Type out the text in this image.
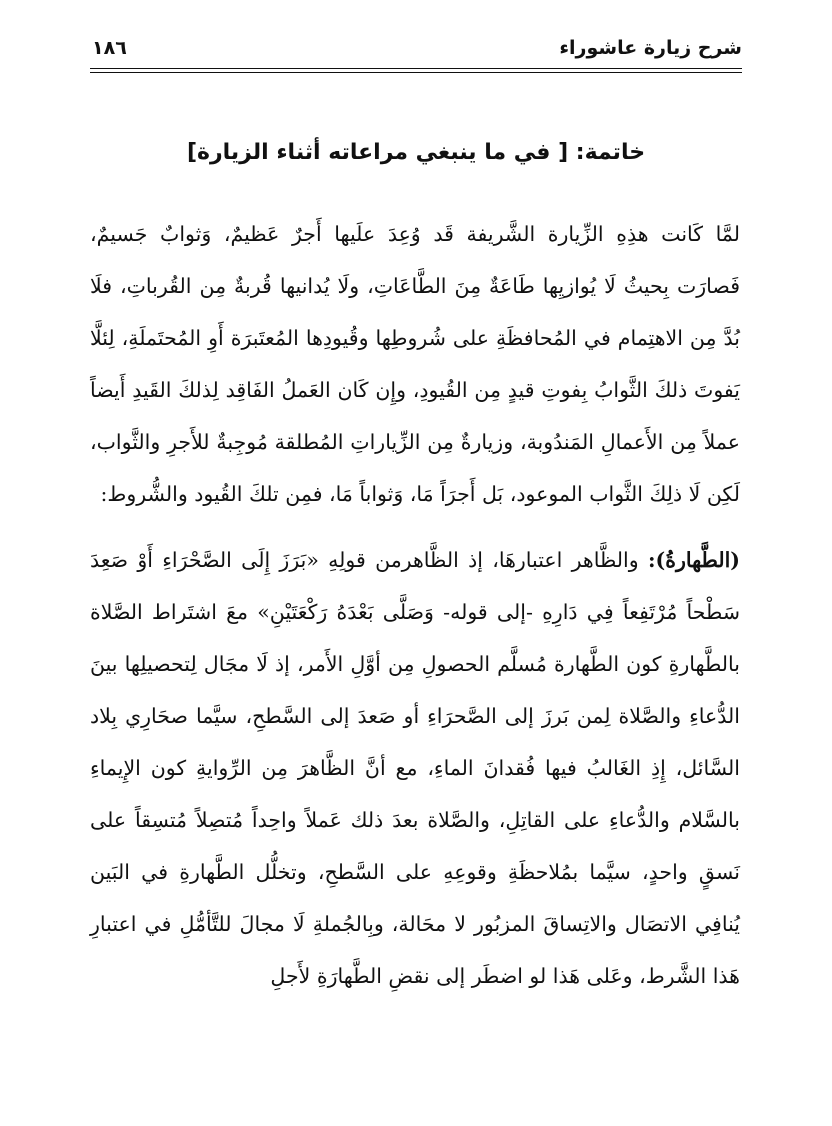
شرح زيارة عاشوراء
١٨٦
خاتمة: [ في ما ينبغي مراعاته أثناء الزيارة]

لمَّا كَانت هذِهِ الزِّيارة الشَّريفة قَد وُعِدَ علَيها أَجرٌ عَظيمٌ، وَثوابٌ جَسيمٌ، فَصارَت بِحيثُ لَا يُوازيِها طَاعَةٌ مِنَ الطَّاعَاتِ، ولَا يُدانيها قُربةٌ مِن القُرباتِ، فلَا بُدَّ مِن الاهتِمام في المُحافظَةِ على شُروطِها وقُيودِها المُعتَبرَة أَوِ المُحتَملَةِ، لِئلَّا يَفوتَ ذلكَ الثَّوابُ بِفوتِ قيدٍ مِن القُيودِ، وإِن كَان العَملُ الفَاقِد لِذلكَ القَيدِ أَيضاً عملاً مِن الأَعمالِ المَندُوبة، وزيارةٌ مِن الزِّياراتِ المُطلقة مُوجِبةٌ للأَجرِ والثَّواب، لَكِن لَا ذلِكَ الثَّواب الموعود، بَل أَجرَاً مَا، وَثواباً مَا، فمِن تلكَ القُيود والشُّروط:

(الطَّهارةُ): والظَّاهر اعتبارهَا، إذ الظَّاهرمن قولِهِ «بَرَزَ إِلَى الصَّحْرَاءِ أَوْ صَعِدَ سَطْحاً مُرْتَفِعاً فِي دَارِهِ -إلى قوله- وَصَلَّى بَعْدَهُ رَكْعَتَيْنِ» معَ اشتَراط الصَّلاة بالطَّهارةِ كون الطَّهارة مُسلَّم الحصولِ مِن أوَّلِ الأَمر، إذ لَا مجَال لِتحصيلِها بينَ الدُّعاءِ والصَّلاة لِمن بَرزَ إلى الصَّحرَاءِ أو صَعدَ إلى السَّطحِ، سيَّما صحَارِي بِلاد السَّائل، إِذِ الغَالبُ فيها فُقدانَ الماءِ، مع أنَّ الظَّاهرَ مِن الرِّوايةِ كون الإِيماءِ بالسَّلام والدُّعاءِ على القاتِلِ، والصَّلاة بعدَ ذلك عَملاً واحِداً مُتصِلاً مُتسِقاً على نَسقٍ واحدٍ، سيَّما بمُلاحظَةِ وقوعِهِ على السَّطحِ، وتخلُّل الطَّهارةِ في البَين يُنافِي الاتصَال والاتِساقَ المزبُور لا محَالة، وبِالجُملةِ لَا مجالَ للتَّأمُّلِ في اعتبارِ هَذا الشَّرط، وعَلى هَذا لو اضطَر إلى نقضِ الطَّهارَةِ لأَجلِ
